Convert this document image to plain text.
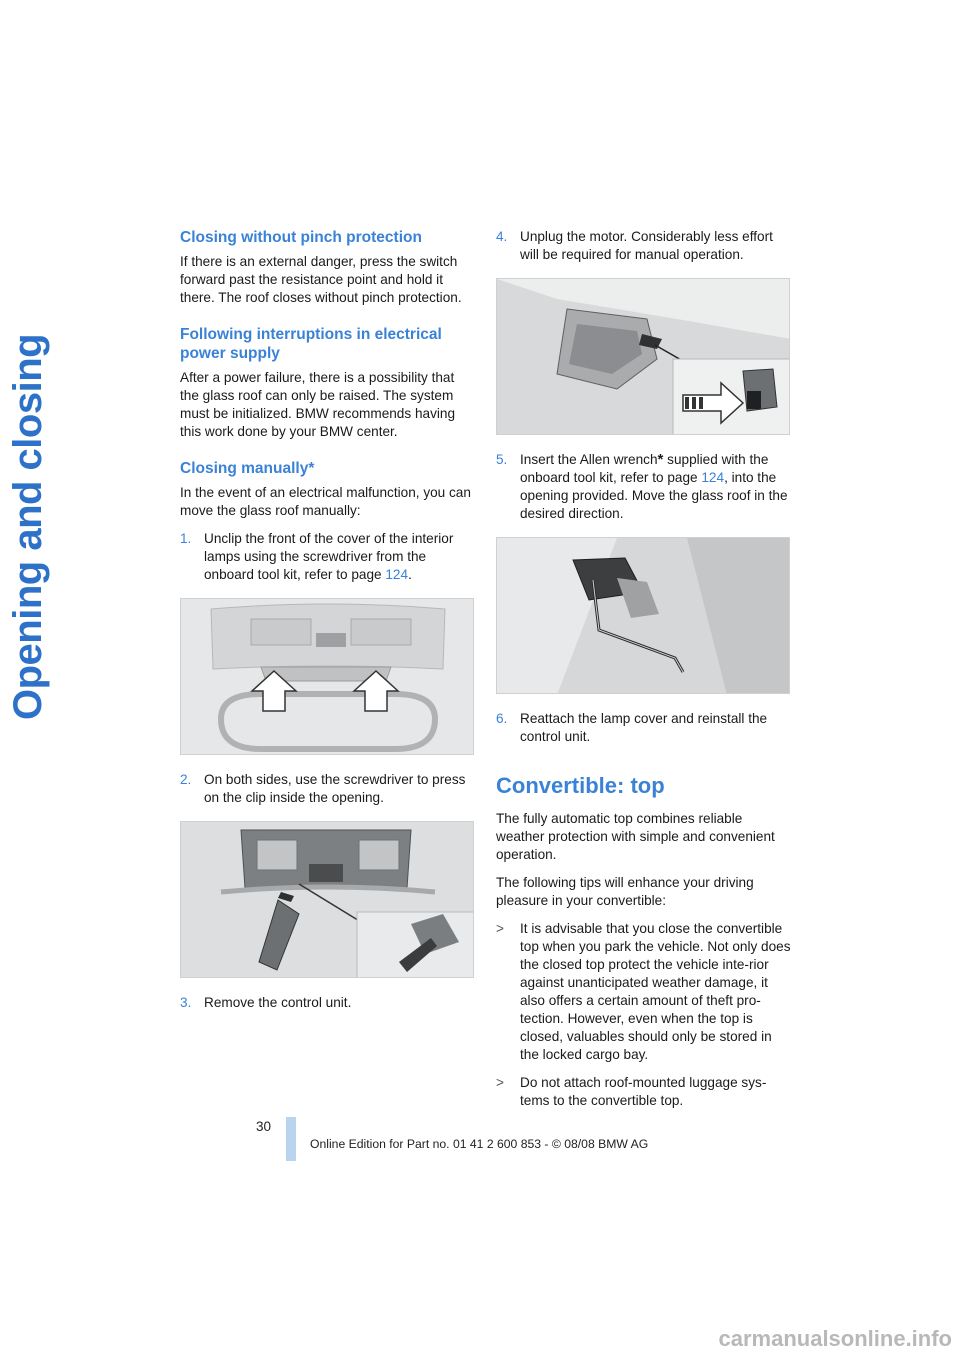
Opening and closing
Closing without pinch protection

If there is an external danger, press the switch forward past the resistance point and hold it there. The roof closes without pinch protection.

Following interruptions in electrical power supply

After a power failure, there is a possibility that the glass roof can only be raised. The system must be initialized. BMW recommends having this work done by your BMW center.

Closing manually*

In the event of an electrical malfunction, you can move the glass roof manually:

1. Unclip the front of the cover of the interior lamps using the screwdriver from the onboard tool kit, refer to page 124.
2. On both sides, use the screwdriver to press on the clip inside the opening.
3. Remove the control unit.
4. Unplug the motor. Considerably less effort will be required for manual operation.
5. Insert the Allen wrench* supplied with the onboard tool kit, refer to page 124, into the opening provided. Move the glass roof in the desired direction.
6. Reattach the lamp cover and reinstall the control unit.
Convertible: top

The fully automatic top combines reliable weather protection with simple and convenient operation.

The following tips will enhance your driving pleasure in your convertible:

>	It is advisable that you close the convertible top when you park the vehicle. Not only does the closed top protect the vehicle inte-rior against unanticipated weather damage, it also offers a certain amount of theft pro-tection. However, even when the top is closed, valuables should only be stored in the locked cargo bay.
>	Do not attach roof-mounted luggage sys-tems to the convertible top.
30
Online Edition for Part no. 01 41 2 600 853 - © 08/08 BMW AG
carmanualsonline.info
